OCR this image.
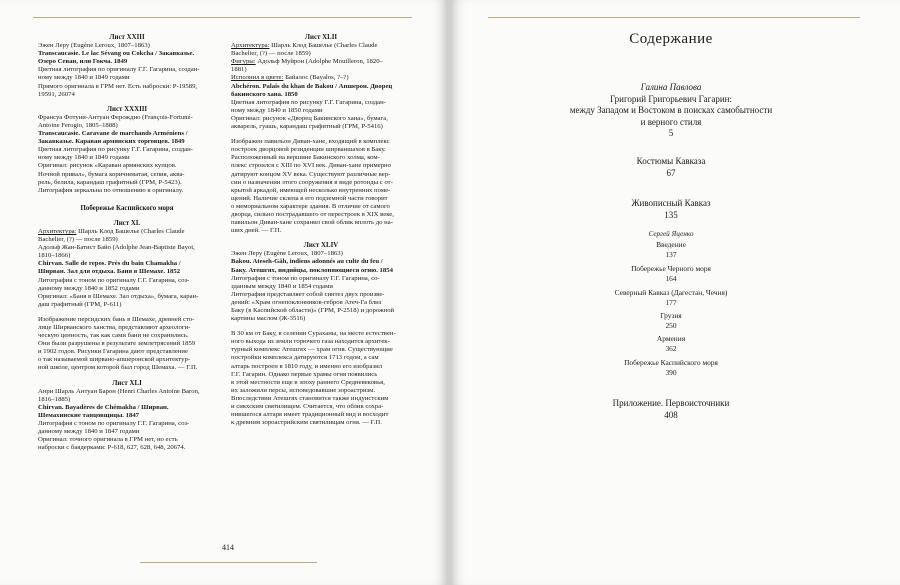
Лист XXIII

Эжен Леру (Eugène Leroux, 1807–1863)

Transcaucasie. Le lac Sévang ou Cokcha / Закавказье.

Озеро Севан, или Гокча. 1849

Цветная литография по оригиналу Г.Г. Гагарина, создан-

ному между 1840 и 1849 годами

Прямого оригинала в ГРМ нет. Есть наброски: Р-19589,

19591, 26074

Лист XXXIII

Франсуа Фотуни-Антуан Ферождио (François-Fortuné-

Antoine Ferogio, 1805–1888)

Transcaucasie. Caravane de marchands Arméniens /

Закавказье. Караван армянских торговцев. 1849

Цветная литография по рисунку Г.Г. Гагарина, создан-

ному между 1840 и 1849 годами

Оригинал: рисунок «Караван армянских купцов.

Ночной привал», бумага коричневатая, сепия, аква-

рель, белила, карандаш графитный (ГРМ, Р-5423).

Литография зеркальна по отношению к оригиналу.

Побережье Каспийского моря

Лист XL

Архитектура: Шарль Клод Башелье (Charles Claude

Bachelier, (?) — после 1859)

Адольф Жан-Батист Байо (Adolphe Jean-Baptiste Bayot,

1810–1866)

Chirvan. Salle de repos. Près du bain Chamakha /

Ширван. Зал для отдыха. Баня в Шемахе. 1852

Литография с тоном по оригиналу Г.Г. Гагарина, соз-

данному между 1840 и 1852 годами

Оригинал: «Баня в Шемахе. Зал отдыха», бумага, каран-

даш графитный (ГРМ, Р-611)

Изображение персидских бань в Шемахе, древней сто-

лице Ширванского ханства, представляют археологи-

ческую ценность, так как сами бани не сохранились.

Они были разрушены в результате землетрясений 1859

и 1902 годов. Рисунки Гагарина дают представление

о так называемой ширвано-апшеронской архитектур-

ной школе, центром которой был город Шемаха. — Г.П.

Лист XLI

Анри Шарль Антуан Барон (Henri Charles Antoine Baron,

1816–1885)

Chirvan. Bayadères de Chémakha / Ширван.

Шемахинские танцовщицы. 1847

Литография с тоном по оригиналу Г.Г. Гагарина, соз-

данному между 1840 и 1847 годами

Оригинал: точного оригинала в ГРМ нет, но есть

наброски с баядерками: Р-618, 627, 628, 648, 20674.

Лист XLII

Архитектура: Шарль Клод Башелье (Charles Claude

Bachelier, (?) — после 1859)

Фигуры: Адольф Муйрон (Adolphe Mouilleron, 1820–

1881)

Исполнил в цвете: Байалос (Bayalos, ?–?)

Abchéron. Palais du khan de Bakou / Апшерон. Дворец

бакинского хана. 1850

Цветная литография по рисунку Г.Г. Гагарина, создан-

ному между 1840 и 1850 годами

Оригинал: рисунок «Дворец Бакинского хана», бумага,

акварель, гуашь, карандаш графитный (ГРМ, Р-5416)

Изображен павильон Диван-хане, входящий в комплекс

построек дворцовой резиденции ширваншахов в Баку.

Расположенный на вершине Бакинского холма, ком-

плекс строился с XIII по XVI век. Диван-хане примерно

датируют концом XV века. Существуют различные вер-

сии о назначении этого сооружения в виде ротонды с от-

крытой аркадой, имеющей несколько внутренних поме-

щений. Наличие склепа в его подземной части говорит

о мемориальном характере здания. В отличие от самого

дворца, сильно пострадавшего от перестроек в XIX веке,

павильон Диван-хане сохранил свой облик вплоть до на-

ших дней. — Г.П.

Лист XLIV

Эжен Леру (Eugène Leroux, 1807–1863)

Bakou. Ateseh-Gâh, indiens adonnés au culte du feu /

Баку. Атешгях, индийцы, поклоняющиеся огню. 1854

Литография с тоном по оригиналу Г.Г. Гагарина, со-

зданным между 1840 и 1854 годами

Литография представляет собой синтез двух произве-

дений: «Храм огнепоклонников-гебров Атеч-Га близ

Баку (в Каспийской области)» (ГРМ, Р-2518) и дорожной

картины маслом (Ж-3516)

В 30 км от Баку, в селении Сураханы, на месте естествен-

ного выхода из земли горючего газа находится архитек-

турный комплекс Атешгях — храм огня. Существующие

постройки комплекса датируются 1713 годом, а сам

алтарь построен в 1810 году, и именно его изобразил

Г.Г. Гагарин. Однако первые храмы огня появились

в этой местности еще в эпоху раннего Средневековья,

их заложили персы, исповедовавшие зороастризм.

Впоследствии Атешгях становится также индуистским

и сикхским святилищем. Считается, что облик сохра-

нившегося алтаря имеет традиционный вид и восходит

к древним зороастрийским святилищам огня. — Г.П.

414
Содержание
Галина Павлова
Григорий Григорьевич Гагарин:
между Западом и Востоком в поисках самобытности
и верного стиля
5
Костюмы Кавказа
67
Живописный Кавказ
135
Сергей Яценко
Введение
137
Побережье Черного моря
164
Северный Кавказ (Дагестан, Чечня)
177
Грузия
250
Армения
362
Побережье Каспийского моря
390
Приложение. Первоисточники
408
